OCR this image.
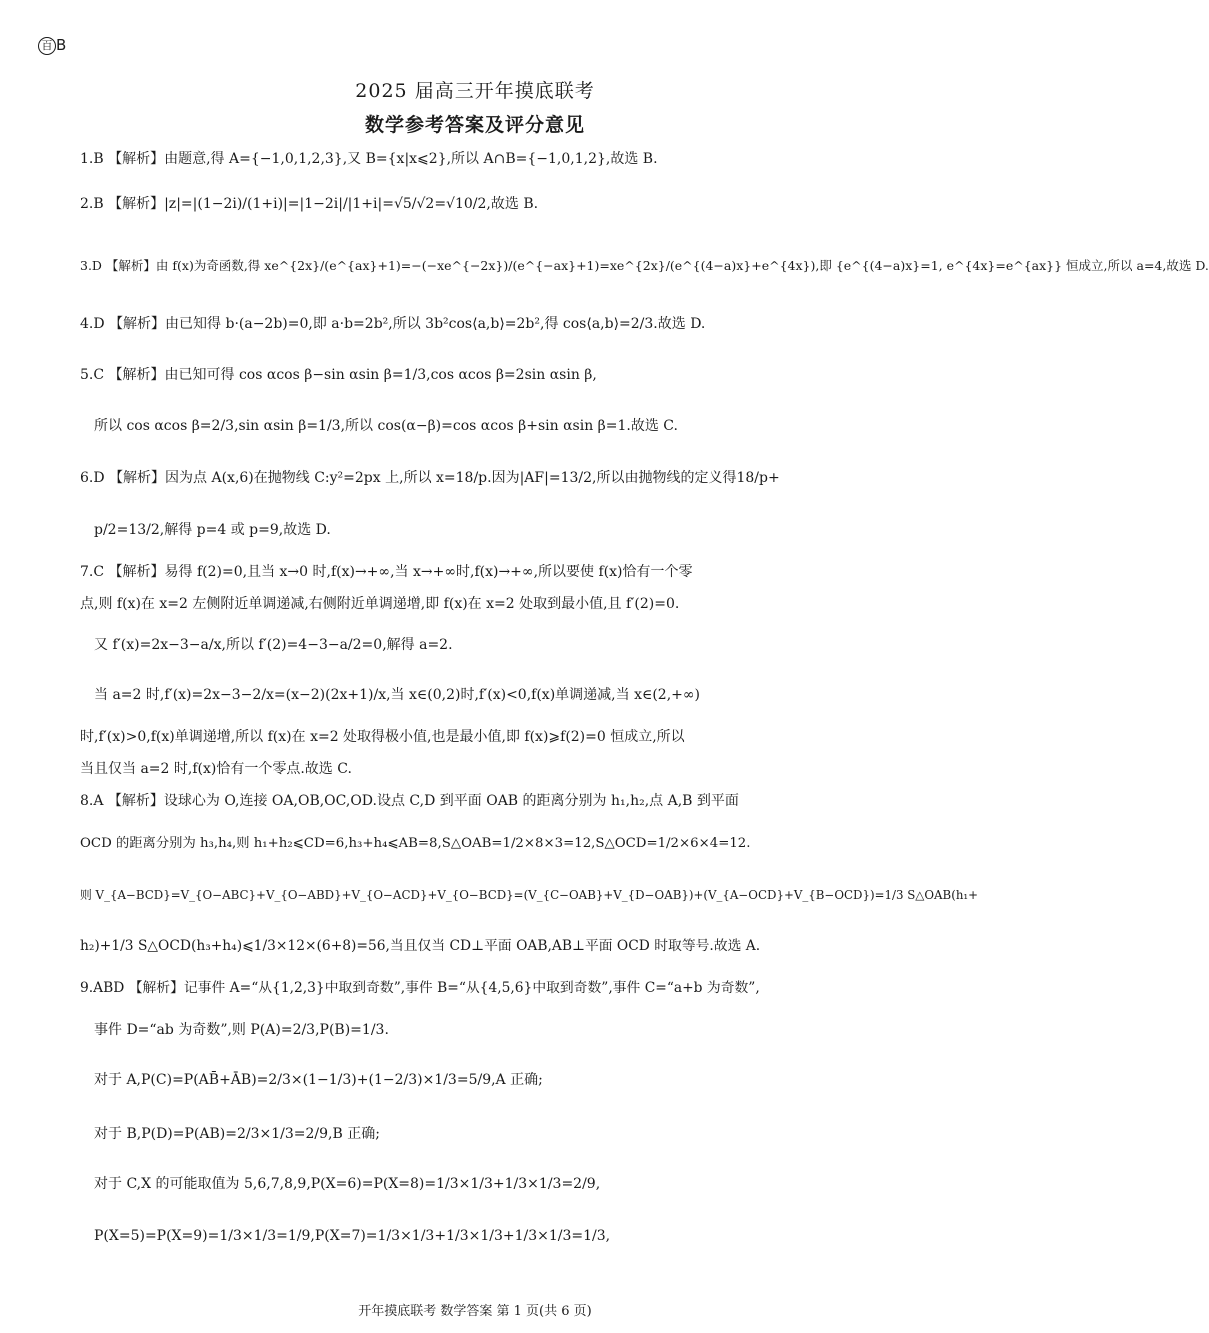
百 B
2025 届高三开年摸底联考
数学参考答案及评分意见
1.B 【解析】由题意,得 A={−1,0,1,2,3},又 B={x|x⩽2},所以 A∩B={−1,0,1,2},故选 B.
2.B 【解析】|z|=|(1−2i)/(1+i)|=|1−2i|/|1+i|=√5/√2=√10/2,故选 B.
3.D 【解析】由 f(x)为奇函数,得 xe^{2x}/(e^{ax}+1)=−(−xe^{−2x})/(e^{−ax}+1)=xe^{2x}/(e^{(4−a)x}+e^{4x}),即 {e^{(4−a)x}=1, e^{4x}=e^{ax}} 恒成立,所以 a=4,故选 D.
4.D 【解析】由已知得 b·(a−2b)=0,即 a·b=2b²,所以 3b²cos⟨a,b⟩=2b²,得 cos⟨a,b⟩=2/3.故选 D.
5.C 【解析】由已知可得 cos αcos β−sin αsin β=1/3,cos αcos β=2sin αsin β,
所以 cos αcos β=2/3,sin αsin β=1/3,所以 cos(α−β)=cos αcos β+sin αsin β=1.故选 C.
6.D 【解析】因为点 A(x,6)在抛物线 C:y²=2px 上,所以 x=18/p.因为|AF|=13/2,所以由抛物线的定义得18/p+
p/2=13/2,解得 p=4 或 p=9,故选 D.
7.C 【解析】易得 f(2)=0,且当 x→0 时,f(x)→+∞,当 x→+∞时,f(x)→+∞,所以要使 f(x)恰有一个零
点,则 f(x)在 x=2 左侧附近单调递减,右侧附近单调递增,即 f(x)在 x=2 处取到最小值,且 f′(2)=0.
又 f′(x)=2x−3−a/x,所以 f′(2)=4−3−a/2=0,解得 a=2.
当 a=2 时,f′(x)=2x−3−2/x=(x−2)(2x+1)/x,当 x∈(0,2)时,f′(x)<0,f(x)单调递减,当 x∈(2,+∞)
时,f′(x)>0,f(x)单调递增,所以 f(x)在 x=2 处取得极小值,也是最小值,即 f(x)⩾f(2)=0 恒成立,所以
当且仅当 a=2 时,f(x)恰有一个零点.故选 C.
8.A 【解析】设球心为 O,连接 OA,OB,OC,OD.设点 C,D 到平面 OAB 的距离分别为 h₁,h₂,点 A,B 到平面
OCD 的距离分别为 h₃,h₄,则 h₁+h₂⩽CD=6,h₃+h₄⩽AB=8,S△OAB=1/2×8×3=12,S△OCD=1/2×6×4=12.
则 V_{A−BCD}=V_{O−ABC}+V_{O−ABD}+V_{O−ACD}+V_{O−BCD}=(V_{C−OAB}+V_{D−OAB})+(V_{A−OCD}+V_{B−OCD})=1/3 S△OAB(h₁+
h₂)+1/3 S△OCD(h₃+h₄)⩽1/3×12×(6+8)=56,当且仅当 CD⊥平面 OAB,AB⊥平面 OCD 时取等号.故选 A.
9.ABD 【解析】记事件 A=“从{1,2,3}中取到奇数”,事件 B=“从{4,5,6}中取到奇数”,事件 C=“a+b 为奇数”,
事件 D=“ab 为奇数”,则 P(A)=2/3,P(B)=1/3.
对于 A,P(C)=P(AB̄+ĀB)=2/3×(1−1/3)+(1−2/3)×1/3=5/9,A 正确;
对于 B,P(D)=P(AB)=2/3×1/3=2/9,B 正确;
对于 C,X 的可能取值为 5,6,7,8,9,P(X=6)=P(X=8)=1/3×1/3+1/3×1/3=2/9,
P(X=5)=P(X=9)=1/3×1/3=1/9,P(X=7)=1/3×1/3+1/3×1/3+1/3×1/3=1/3,
开年摸底联考 数学答案 第 1 页(共 6 页)
